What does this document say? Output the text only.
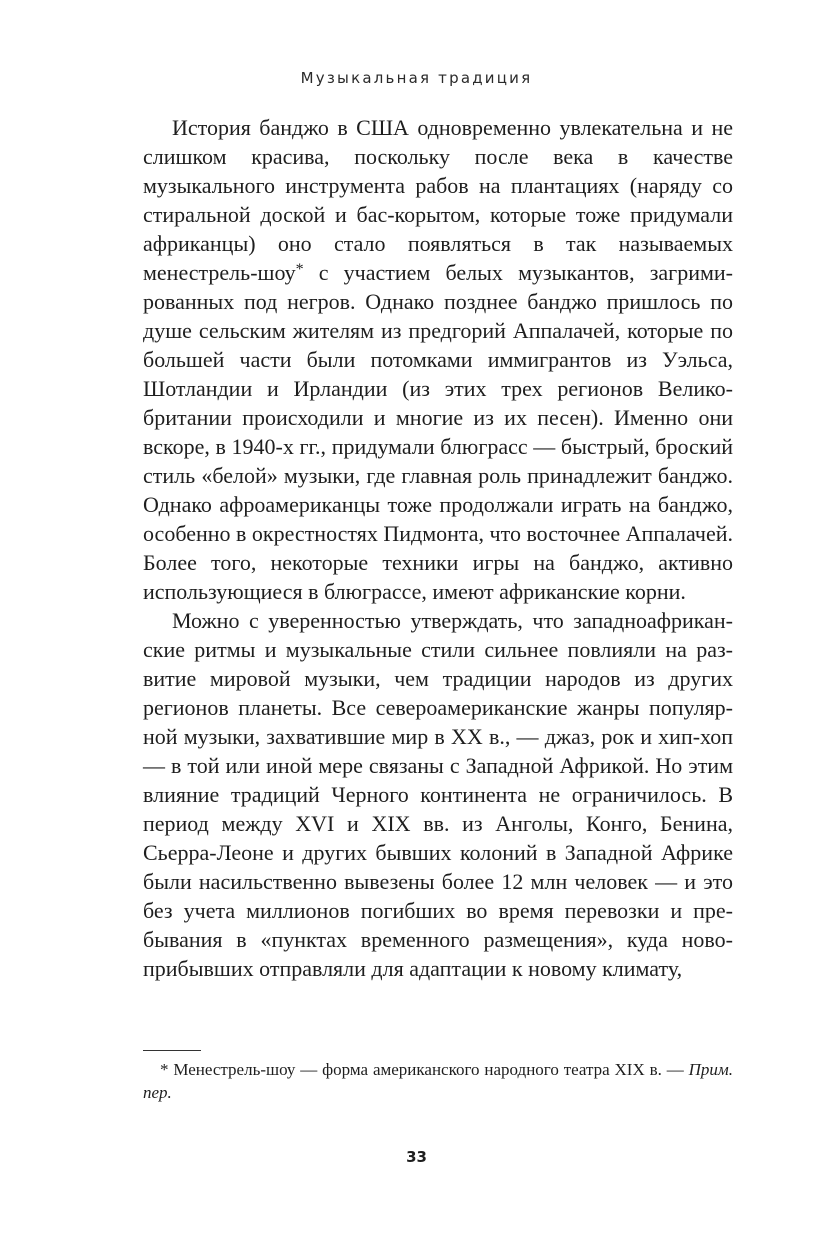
Музыкальная традиция

История банджо в США одновременно увлекательна и не слишком красива, поскольку после века в качестве музыкального инструмента рабов на плантациях (наряду со стиральной доской и бас-корытом, которые тоже придумали африканцы) оно стало появляться в так называемых менестрель-шоу* с участием белых музыкантов, загримированных под негров. Однако позднее банджо пришлось по душе сельским жителям из предгорий Аппалачей, которые по большей части были потомками иммигрантов из Уэльса, Шотландии и Ирландии (из этих трех регионов Великобритании происходили и многие из их песен). Именно они вскоре, в 1940-х гг., придумали блюграсс — быстрый, броский стиль «белой» музыки, где главная роль принадлежит банджо. Однако афроамериканцы тоже продолжали играть на банджо, особенно в окрестностях Пидмонта, что восточнее Аппалачей. Более того, некоторые техники игры на банджо, активно использующиеся в блюграссе, имеют африканские корни.

Можно с уверенностью утверждать, что западноафриканские ритмы и музыкальные стили сильнее повлияли на развитие мировой музыки, чем традиции народов из других регионов планеты. Все североамериканские жанры популярной музыки, захватившие мир в XX в., — джаз, рок и хип-хоп — в той или иной мере связаны с Западной Африкой. Но этим влияние традиций Черного континента не ограничилось. В период между XVI и XIX вв. из Анголы, Конго, Бенина, Сьерра-Леоне и других бывших колоний в Западной Африке были насильственно вывезены более 12 млн человек — и это без учета миллионов погибших во время перевозки и пребывания в «пунктах временного размещения», куда новоприбывших отправляли для адаптации к новому климату,

* Менестрель-шоу — форма американского народного театра XIX в. — Прим. пер.

33
